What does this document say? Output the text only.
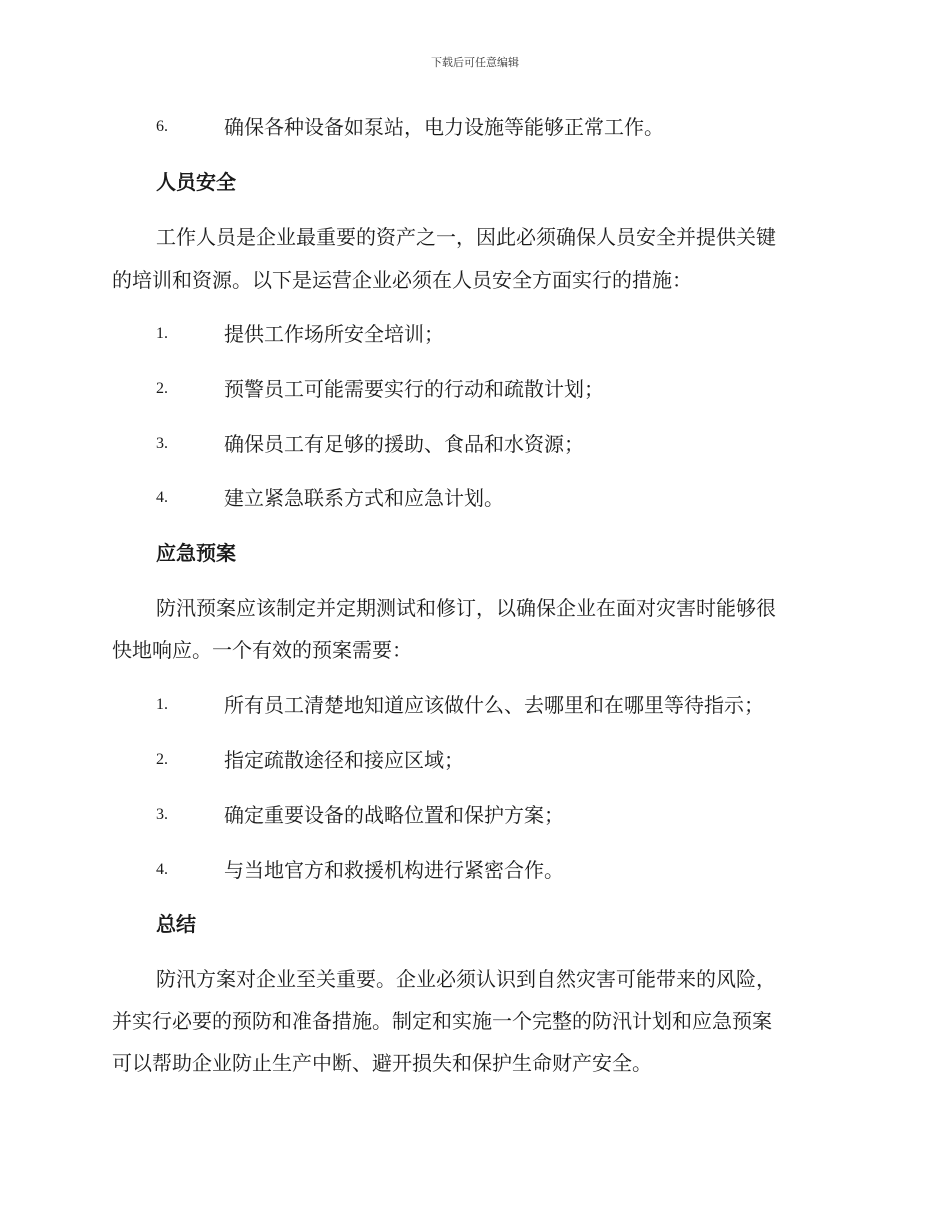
下载后可任意编辑
6.	确保各种设备如泵站，电力设施等能够正常工作。
人员安全
工作人员是企业最重要的资产之一，因此必须确保人员安全并提供关键
的培训和资源。以下是运营企业必须在人员安全方面实行的措施：
1.	提供工作场所安全培训；
2.	预警员工可能需要实行的行动和疏散计划；
3.	确保员工有足够的援助、食品和水资源；
4.	建立紧急联系方式和应急计划。
应急预案
防汛预案应该制定并定期测试和修订，以确保企业在面对灾害时能够很
快地响应。一个有效的预案需要：
1.	所有员工清楚地知道应该做什么、去哪里和在哪里等待指示；
2.	指定疏散途径和接应区域；
3.	确定重要设备的战略位置和保护方案；
4.	与当地官方和救援机构进行紧密合作。
总结
防汛方案对企业至关重要。企业必须认识到自然灾害可能带来的风险，
并实行必要的预防和准备措施。制定和实施一个完整的防汛计划和应急预案
可以帮助企业防止生产中断、避开损失和保护生命财产安全。
